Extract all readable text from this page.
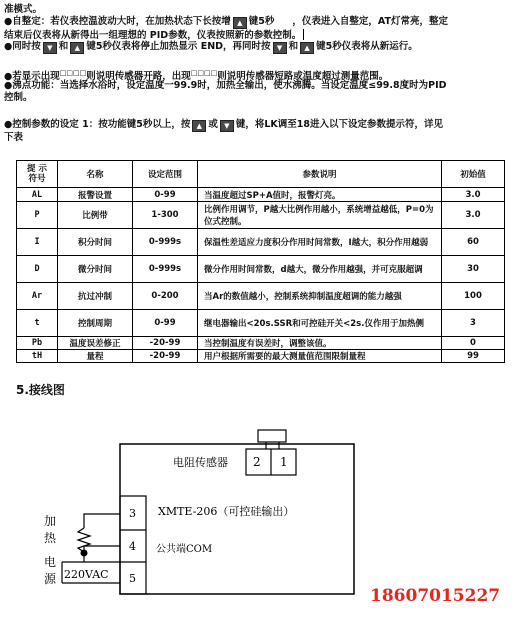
准模式。
●自整定：若仪表控温波动大时，在加热状态下长按增 ▲ 键5秒 ，仪表进入自整定，AT灯常亮，整定
结束后仪表将从新得出一组理想的 PID参数，仪表按照新的参数控制。
●同时按 ▼ 和 ▲ 键5秒仪表将停止加热显示 END，再同时按 ▼ 和 ▲ 键5秒仪表将从新运行。
●若显示出现□□□□则说明传感器开路，出现□□□□则说明传感器短路或温度超过测量范围。
●沸点功能：当选择水浴时，设定温度一99.9时，加热全输出，使水沸腾。当设定温度≤99.8度时为PID
控制。
●控制参数的设定 1：按功能键5秒以上，按 ▲ 或 ▼ 键，将LK调至18进入以下设定参数提示符，详见
下表
提 示
符号	名称	设定范围	参数说明	初始值
AL	报警设置	0-99	当温度超过SP+A值时，报警灯亮。	3.0
P	比例带	1-300	比例作用调节，P越大比例作用越小，系统增益越低，P=0为位式控制。	3.0
I	积分时间	0-999s	保温性差适应力度积分作用时间常数，I越大，积分作用越弱	60
D	微分时间	0-999s	微分作用时间常数，d越大，微分作用越强，并可克服超调	30
Ar	抗过冲制	0-200	当Ar的数值越小，控制系统抑制温度超调的能力越强	100
t	控制周期	0-99	继电器输出<20s.SSR和可控硅开关<2s.仪作用于加热侧	3
Pb	温度误差修正	-20-99	当控制温度有误差时，调整该值。	0
tH	量程	-20-99	用户根据所需要的最大测量值范围限制量程	99
5.接线图
电阻传感器 2 1
XMTE-206（可控硅输出）
3
4
5
公共端COM
加
热
电
源 220VAC
18607015227
